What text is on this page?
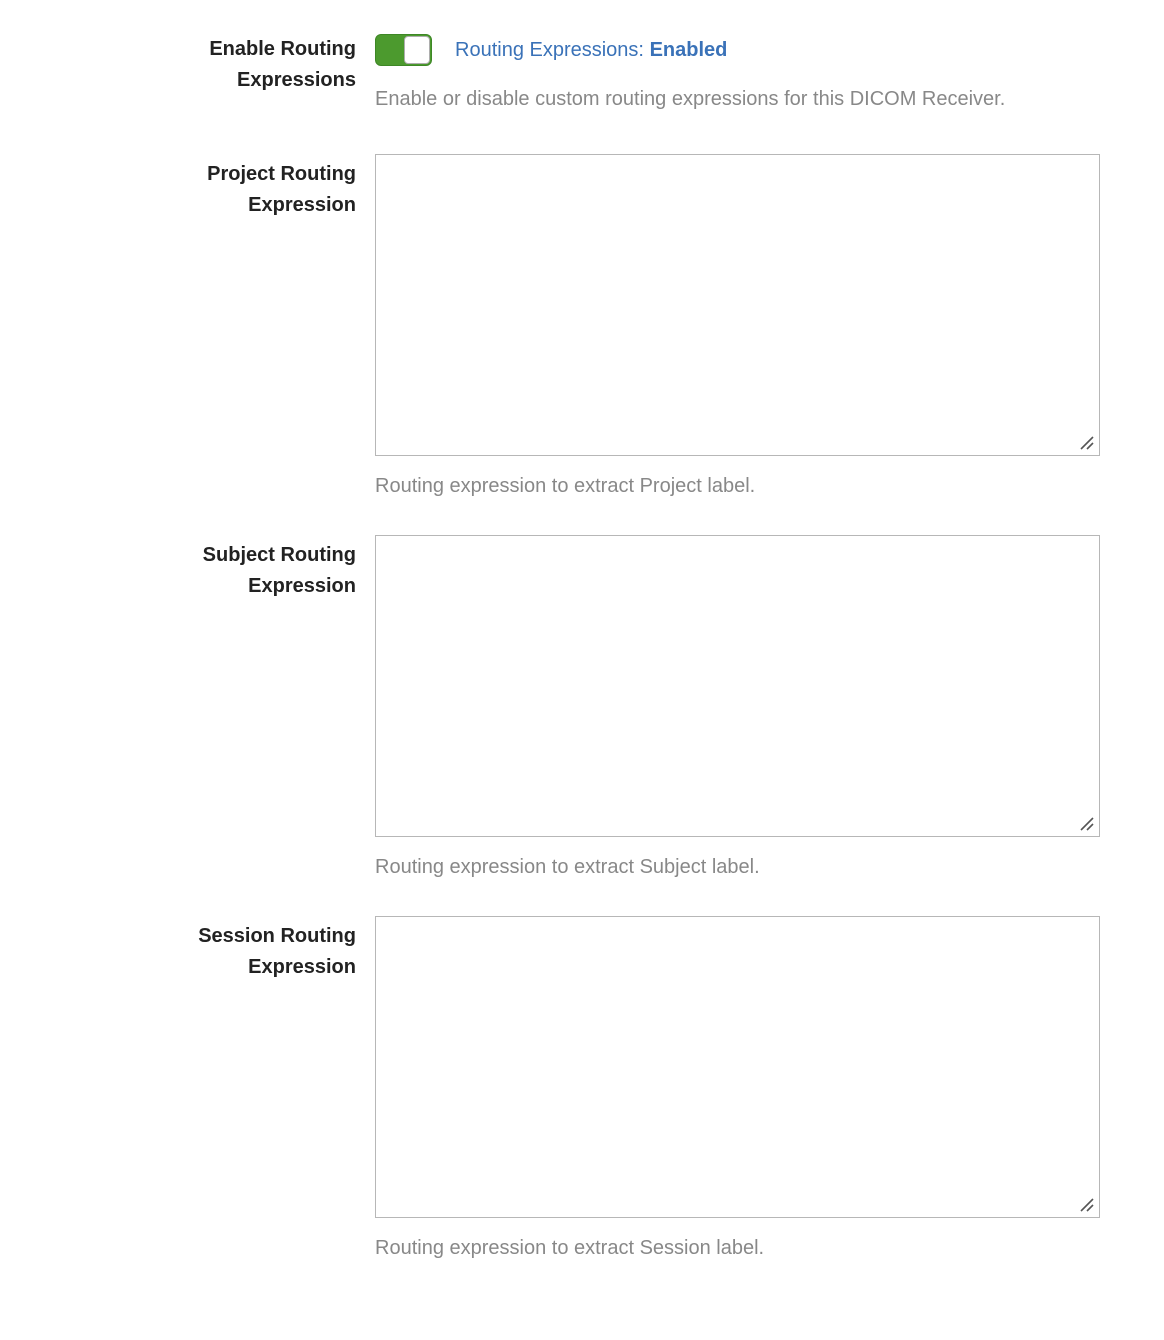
Enable Routing Expressions
Routing Expressions: Enabled
Enable or disable custom routing expressions for this DICOM Receiver.
Project Routing Expression
Routing expression to extract Project label.
Subject Routing Expression
Routing expression to extract Subject label.
Session Routing Expression
Routing expression to extract Session label.
